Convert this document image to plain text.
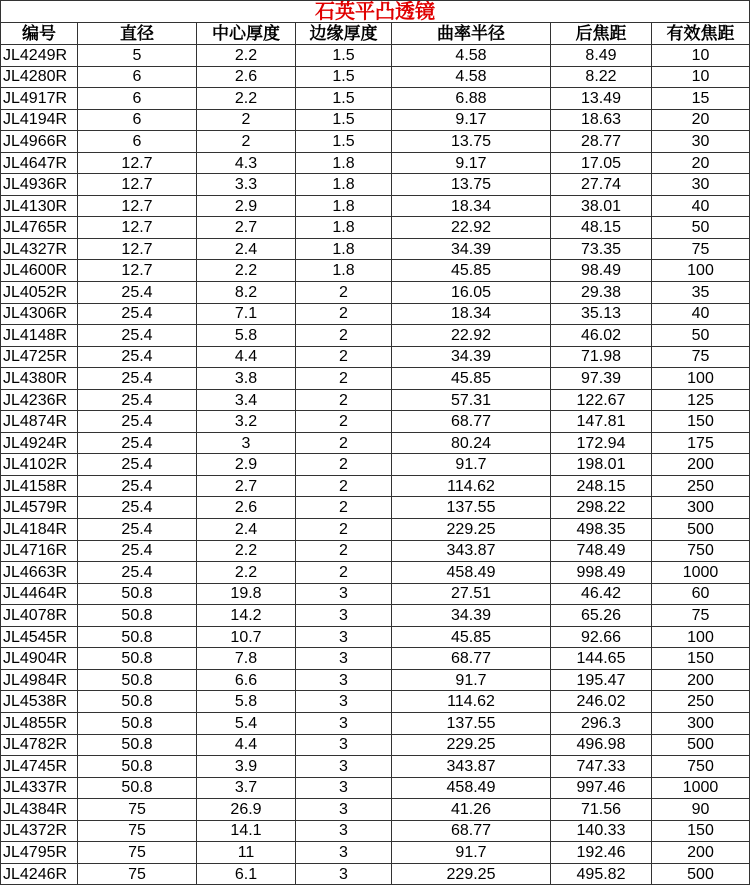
石英平凸透镜						
编号	直径	中心厚度	边缘厚度	曲率半径	后焦距	有效焦距
JL4249R	5	2.2	1.5	4.58	8.49	10
JL4280R	6	2.6	1.5	4.58	8.22	10
JL4917R	6	2.2	1.5	6.88	13.49	15
JL4194R	6	2	1.5	9.17	18.63	20
JL4966R	6	2	1.5	13.75	28.77	30
JL4647R	12.7	4.3	1.8	9.17	17.05	20
JL4936R	12.7	3.3	1.8	13.75	27.74	30
JL4130R	12.7	2.9	1.8	18.34	38.01	40
JL4765R	12.7	2.7	1.8	22.92	48.15	50
JL4327R	12.7	2.4	1.8	34.39	73.35	75
JL4600R	12.7	2.2	1.8	45.85	98.49	100
JL4052R	25.4	8.2	2	16.05	29.38	35
JL4306R	25.4	7.1	2	18.34	35.13	40
JL4148R	25.4	5.8	2	22.92	46.02	50
JL4725R	25.4	4.4	2	34.39	71.98	75
JL4380R	25.4	3.8	2	45.85	97.39	100
JL4236R	25.4	3.4	2	57.31	122.67	125
JL4874R	25.4	3.2	2	68.77	147.81	150
JL4924R	25.4	3	2	80.24	172.94	175
JL4102R	25.4	2.9	2	91.7	198.01	200
JL4158R	25.4	2.7	2	114.62	248.15	250
JL4579R	25.4	2.6	2	137.55	298.22	300
JL4184R	25.4	2.4	2	229.25	498.35	500
JL4716R	25.4	2.2	2	343.87	748.49	750
JL4663R	25.4	2.2	2	458.49	998.49	1000
JL4464R	50.8	19.8	3	27.51	46.42	60
JL4078R	50.8	14.2	3	34.39	65.26	75
JL4545R	50.8	10.7	3	45.85	92.66	100
JL4904R	50.8	7.8	3	68.77	144.65	150
JL4984R	50.8	6.6	3	91.7	195.47	200
JL4538R	50.8	5.8	3	114.62	246.02	250
JL4855R	50.8	5.4	3	137.55	296.3	300
JL4782R	50.8	4.4	3	229.25	496.98	500
JL4745R	50.8	3.9	3	343.87	747.33	750
JL4337R	50.8	3.7	3	458.49	997.46	1000
JL4384R	75	26.9	3	41.26	71.56	90
JL4372R	75	14.1	3	68.77	140.33	150
JL4795R	75	11	3	91.7	192.46	200
JL4246R	75	6.1	3	229.25	495.82	500
